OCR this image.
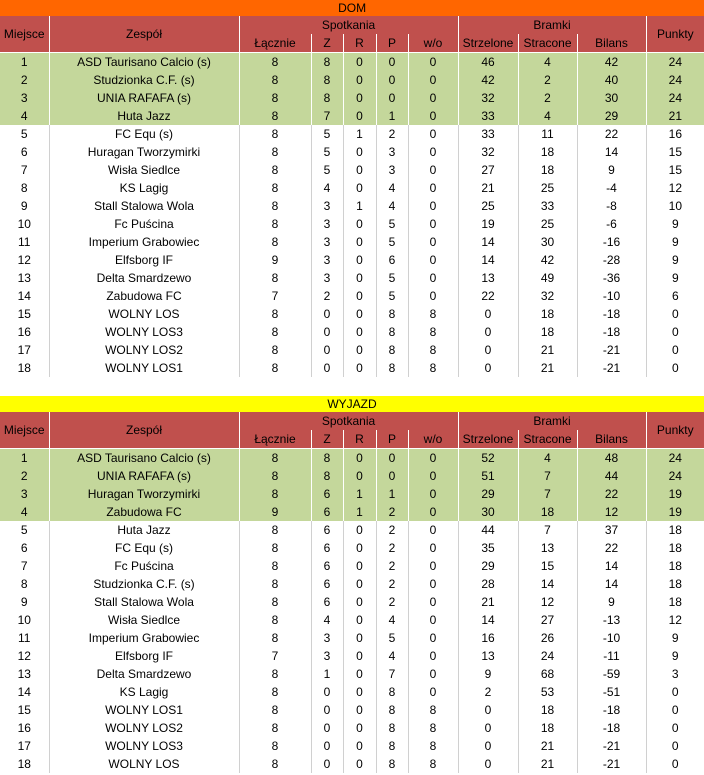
DOM										
Miejsce	Zespół	Spotkania					Bramki			Punkty
		Łącznie	Z	R	P	w/o	Strzelone	Stracone	Bilans	
1	ASD Taurisano Calcio (s)	8	8	0	0	0	46	4	42	24
2	Studzionka C.F. (s)	8	8	0	0	0	42	2	40	24
3	UNIA RAFAFA (s)	8	8	0	0	0	32	2	30	24
4	Huta Jazz	8	7	0	1	0	33	4	29	21
5	FC Equ (s)	8	5	1	2	0	33	11	22	16
6	Huragan Tworzymirki	8	5	0	3	0	32	18	14	15
7	Wisła Siedlce	8	5	0	3	0	27	18	9	15
8	KS Lagig	8	4	0	4	0	21	25	-4	12
9	Stall Stalowa Wola	8	3	1	4	0	25	33	-8	10
10	Fc Puścina	8	3	0	5	0	19	25	-6	9
11	Imperium Grabowiec	8	3	0	5	0	14	30	-16	9
12	Elfsborg IF	9	3	0	6	0	14	42	-28	9
13	Delta Smardzewo	8	3	0	5	0	13	49	-36	9
14	Zabudowa FC	7	2	0	5	0	22	32	-10	6
15	WOLNY LOS	8	0	0	8	8	0	18	-18	0
16	WOLNY LOS3	8	0	0	8	8	0	18	-18	0
17	WOLNY LOS2	8	0	0	8	8	0	21	-21	0
18	WOLNY LOS1	8	0	0	8	8	0	21	-21	0
WYJAZD										
Miejsce	Zespół	Spotkania					Bramki			Punkty
		Łącznie	Z	R	P	w/o	Strzelone	Stracone	Bilans	
1	ASD Taurisano Calcio (s)	8	8	0	0	0	52	4	48	24
2	UNIA RAFAFA (s)	8	8	0	0	0	51	7	44	24
3	Huragan Tworzymirki	8	6	1	1	0	29	7	22	19
4	Zabudowa FC	9	6	1	2	0	30	18	12	19
5	Huta Jazz	8	6	0	2	0	44	7	37	18
6	FC Equ (s)	8	6	0	2	0	35	13	22	18
7	Fc Puścina	8	6	0	2	0	29	15	14	18
8	Studzionka C.F. (s)	8	6	0	2	0	28	14	14	18
9	Stall Stalowa Wola	8	6	0	2	0	21	12	9	18
10	Wisła Siedlce	8	4	0	4	0	14	27	-13	12
11	Imperium Grabowiec	8	3	0	5	0	16	26	-10	9
12	Elfsborg IF	7	3	0	4	0	13	24	-11	9
13	Delta Smardzewo	8	1	0	7	0	9	68	-59	3
14	KS Lagig	8	0	0	8	0	2	53	-51	0
15	WOLNY LOS1	8	0	0	8	8	0	18	-18	0
16	WOLNY LOS2	8	0	0	8	8	0	18	-18	0
17	WOLNY LOS3	8	0	0	8	8	0	21	-21	0
18	WOLNY LOS	8	0	0	8	8	0	21	-21	0
